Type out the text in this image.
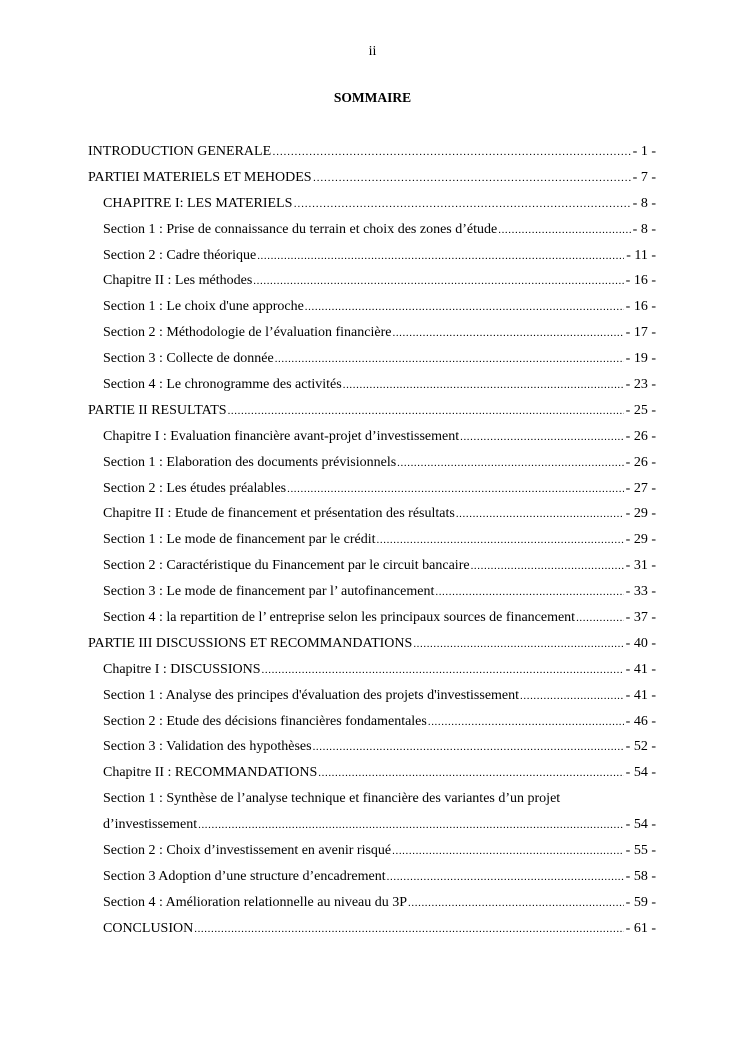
ii
SOMMAIRE
INTRODUCTION GENERALE ……………………………………………………………………………………………………………………………………	- 1 -
PARTIEI MATERIELS ET MEHODES ……………………………………………………………………………………………………………………………………	- 7 -
CHAPITRE I: LES MATERIELS ……………………………………………………………………………………………………………………………………	- 8 -
Section 1 : Prise de connaissance du terrain et choix des zones d’étude .....	- 8 -
Section 2 : Cadre théorique .....	- 11 -
Chapitre II : Les méthodes .....	- 16 -
Section 1 : Le choix d'une approche .....	- 16 -
Section 2 : Méthodologie de l’évaluation financière .....	- 17 -
Section 3 : Collecte de donnée .....	- 19 -
Section 4 : Le chronogramme des activités .....	- 23 -
PARTIE II RESULTATS .....	- 25 -
Chapitre I : Evaluation financière avant-projet d’investissement .....	- 26 -
Section 1 : Elaboration des documents prévisionnels .....	- 26 -
Section 2 : Les études préalables .....	- 27 -
Chapitre II : Etude de financement et présentation des résultats .....	- 29 -
Section 1 : Le mode de financement par le crédit .....	- 29 -
Section 2 : Caractéristique du Financement par le circuit bancaire .....	- 31 -
Section 3 : Le mode de financement par l’ autofinancement .....	- 33 -
Section 4 : la repartition de l’ entreprise selon les principaux sources de financement .....	- 37 -
PARTIE III DISCUSSIONS ET RECOMMANDATIONS .....	- 40 -
Chapitre I : DISCUSSIONS .....	- 41 -
Section 1 : Analyse des principes d'évaluation des projets d'investissement .....	- 41 -
Section 2 : Etude des décisions financières fondamentales .....	- 46 -
Section 3 : Validation des hypothèses .....	- 52 -
Chapitre II : RECOMMANDATIONS .....	- 54 -
Section 1 : Synthèse de l’analyse technique et financière des variantes d’un projet
d’investissement .....	- 54 -
Section 2 : Choix d’investissement en avenir risqué .....	- 55 -
Section 3 Adoption d’une structure d’encadrement .....	- 58 -
Section 4 : Amélioration relationnelle au niveau du 3P .....	- 59 -
CONCLUSION .....	- 61 -
